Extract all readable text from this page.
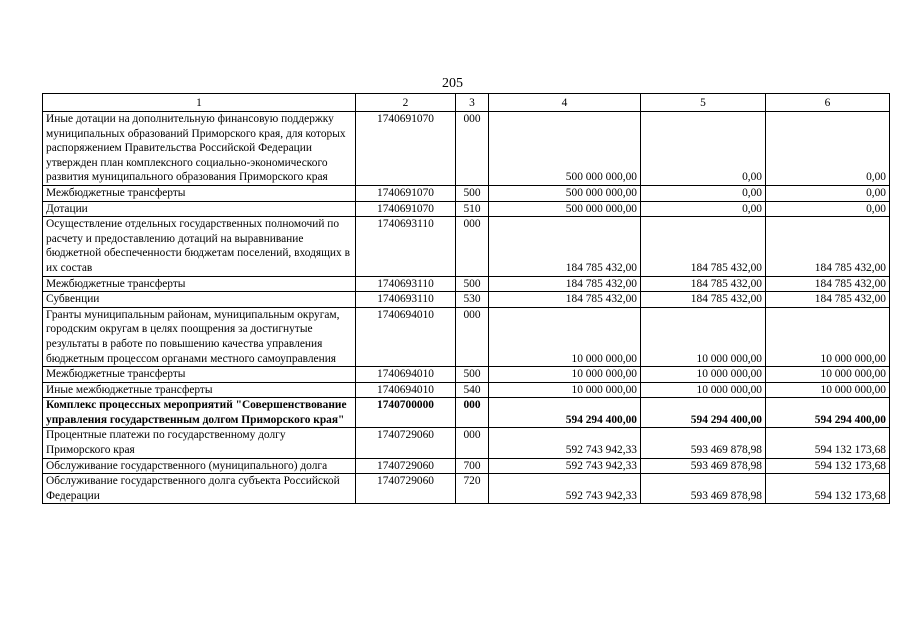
205
1	2	3	4	5	6
Иные дотации на дополнительную финансовую поддержку муниципальных образований Приморского края, для которых распоряжением Правительства Российской Федерации утвержден план комплексного социально-экономического развития муниципального образования Приморского края	1740691070	000	500 000 000,00	0,00	0,00
Межбюджетные трансферты	1740691070	500	500 000 000,00	0,00	0,00
Дотации	1740691070	510	500 000 000,00	0,00	0,00
Осуществление отдельных государственных полномочий по расчету и предоставлению дотаций на выравнивание бюджетной обеспеченности бюджетам поселений, входящих в их состав	1740693110	000	184 785 432,00	184 785 432,00	184 785 432,00
Межбюджетные трансферты	1740693110	500	184 785 432,00	184 785 432,00	184 785 432,00
Субвенции	1740693110	530	184 785 432,00	184 785 432,00	184 785 432,00
Гранты муниципальным районам, муниципальным округам, городским округам в целях поощрения за достигнутые результаты в работе по повышению качества управления бюджетным процессом органами местного самоуправления	1740694010	000	10 000 000,00	10 000 000,00	10 000 000,00
Межбюджетные трансферты	1740694010	500	10 000 000,00	10 000 000,00	10 000 000,00
Иные межбюджетные трансферты	1740694010	540	10 000 000,00	10 000 000,00	10 000 000,00
Комплекс процессных мероприятий "Совершенствование управления государственным долгом Приморского края"	1740700000	000	594 294 400,00	594 294 400,00	594 294 400,00
Процентные платежи по государственному долгу Приморского края	1740729060	000	592 743 942,33	593 469 878,98	594 132 173,68
Обслуживание государственного (муниципального) долга	1740729060	700	592 743 942,33	593 469 878,98	594 132 173,68
Обслуживание государственного долга субъекта Российской Федерации	1740729060	720	592 743 942,33	593 469 878,98	594 132 173,68
